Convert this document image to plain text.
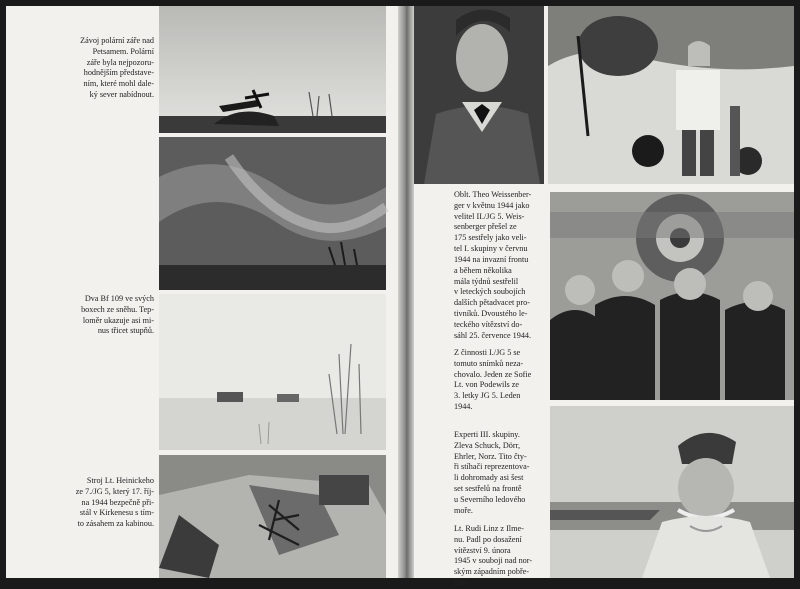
Závoj polární záře nad
Petsamem. Polární
záře byla nejpozoru-
hodnějším představe-
ním, které mohl dale-
ký sever nabídnout.
Dva Bf 109 ve svých
boxech ze sněhu. Tep-
loměr ukazuje asi mi-
nus třicet stupňů.
Stroj Lt. Heinickeho
ze 7./JG 5, který 17. říj-
na 1944 bezpečně při-
stál v Kirkenesu s tím-
to zásahem za kabinou.
Oblt. Theo Weissenber-
ger v květnu 1944 jako
velitel II./JG 5. Weis-
senberger přešel ze
175 sestřely jako veli-
tel I. skupiny v červnu
1944 na invazní frontu
a během několika
mála týdnů sestřelil
v leteckých soubojích
dalších pětadvacet pro-
tivníků. Dvoustého le-
teckého vítězství do-
sáhl 25. července 1944.
Z činnosti I./JG 5 se
tomuto snímků neza-
chovalo. Jeden ze Sofie
Lt. von Podewils ze
3. letky JG 5. Leden
1944.
Experti III. skupiny.
Zleva Schuck, Dörr,
Ehrler, Norz. Tito čty-
ři stíhači reprezentova-
li dohromady asi šest
set sestřelů na frontě
u Severního ledového
moře.
Lt. Rudi Linz z Ilme-
nu. Padl po dosažení
vítězství 9. února
1945 v souboji nad nor-
ským západním pobře-
žím.
